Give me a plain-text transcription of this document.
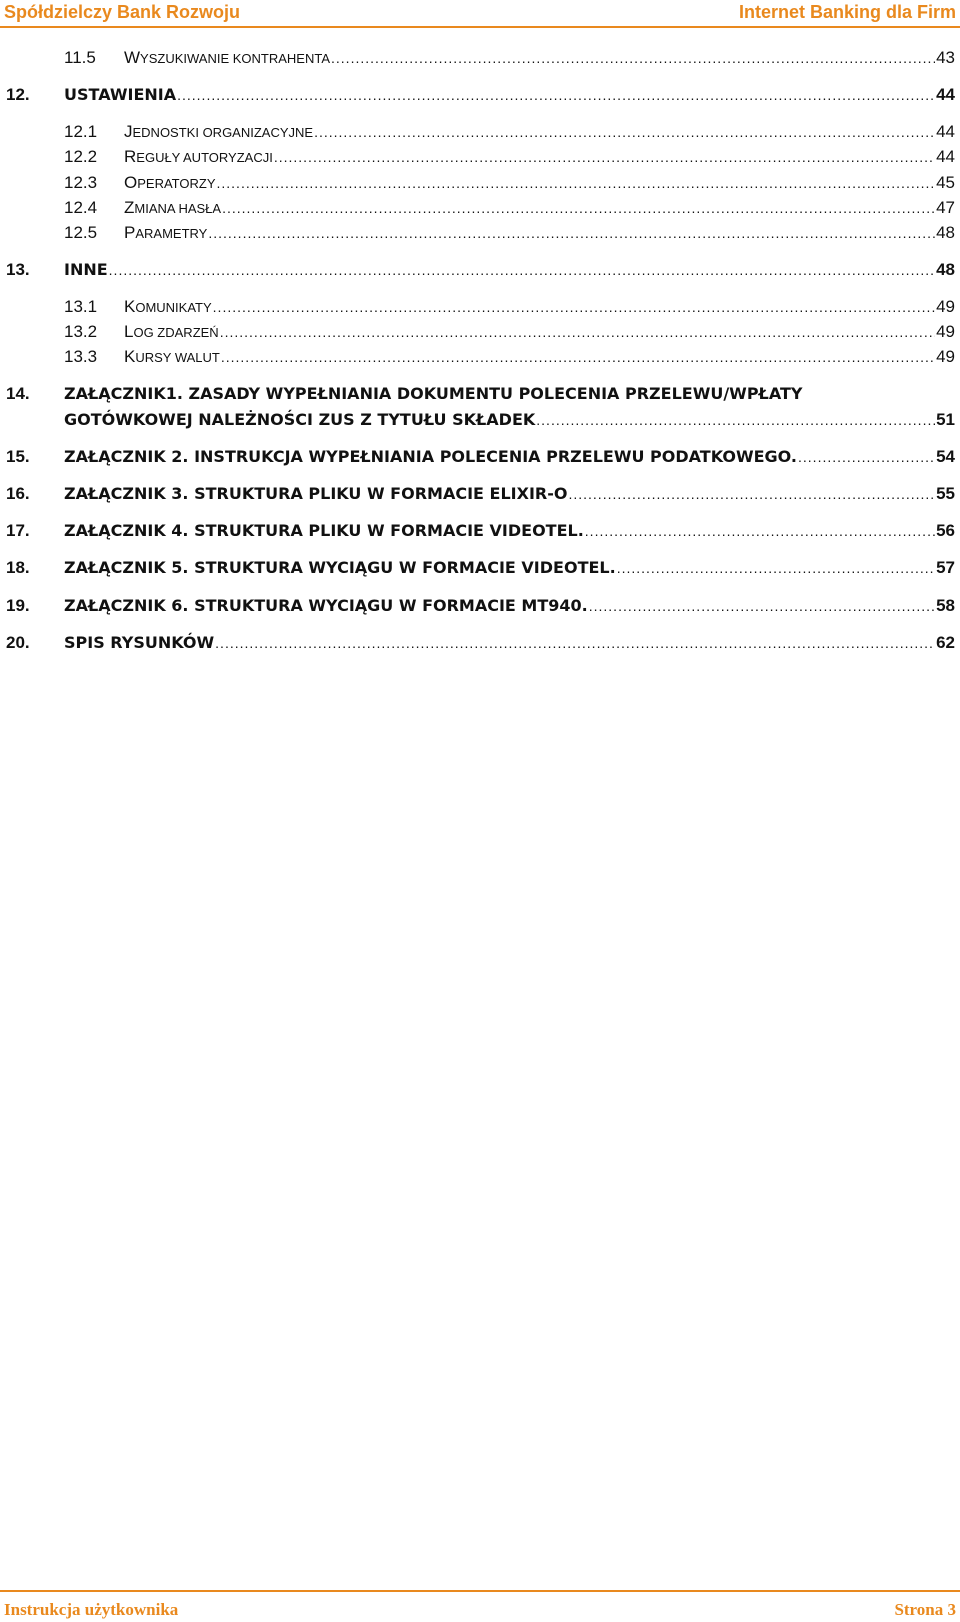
Spółdzielczy Bank Rozwoju	Internet Banking dla Firm
11.5 WYSZUKIWANIE KONTRAHENTA .....	43
12. USTAWIENIA .....	44
12.1 JEDNOSTKI ORGANIZACYJNE .....	44
12.2 REGUŁY AUTORYZACJI .....	44
12.3 OPERATORZY .....	45
12.4 ZMIANA HASŁA .....	47
12.5 PARAMETRY .....	48
13. INNE .....	48
13.1 KOMUNIKATY .....	49
13.2 LOG ZDARZEŃ .....	49
13.3 KURSY WALUT .....	49
14. ZAŁĄCZNIK1. ZASADY WYPEŁNIANIA DOKUMENTU POLECENIA PRZELEWU/WPŁATY
GOTÓWKOWEJ NALEŻNOŚCI ZUS Z TYTUŁU SKŁADEK .....	51
15. ZAŁĄCZNIK 2. INSTRUKCJA WYPEŁNIANIA POLECENIA PRZELEWU PODATKOWEGO. .....	54
16. ZAŁĄCZNIK 3. STRUKTURA PLIKU W FORMACIE ELIXIR-O .....	55
17. ZAŁĄCZNIK 4. STRUKTURA PLIKU W FORMACIE VIDEOTEL. .....	56
18. ZAŁĄCZNIK 5. STRUKTURA WYCIĄGU W FORMACIE VIDEOTEL. .....	57
19. ZAŁĄCZNIK 6. STRUKTURA WYCIĄGU W FORMACIE MT940. .....	58
20. SPIS RYSUNKÓW .....	62
Instrukcja użytkownika	Strona 3
